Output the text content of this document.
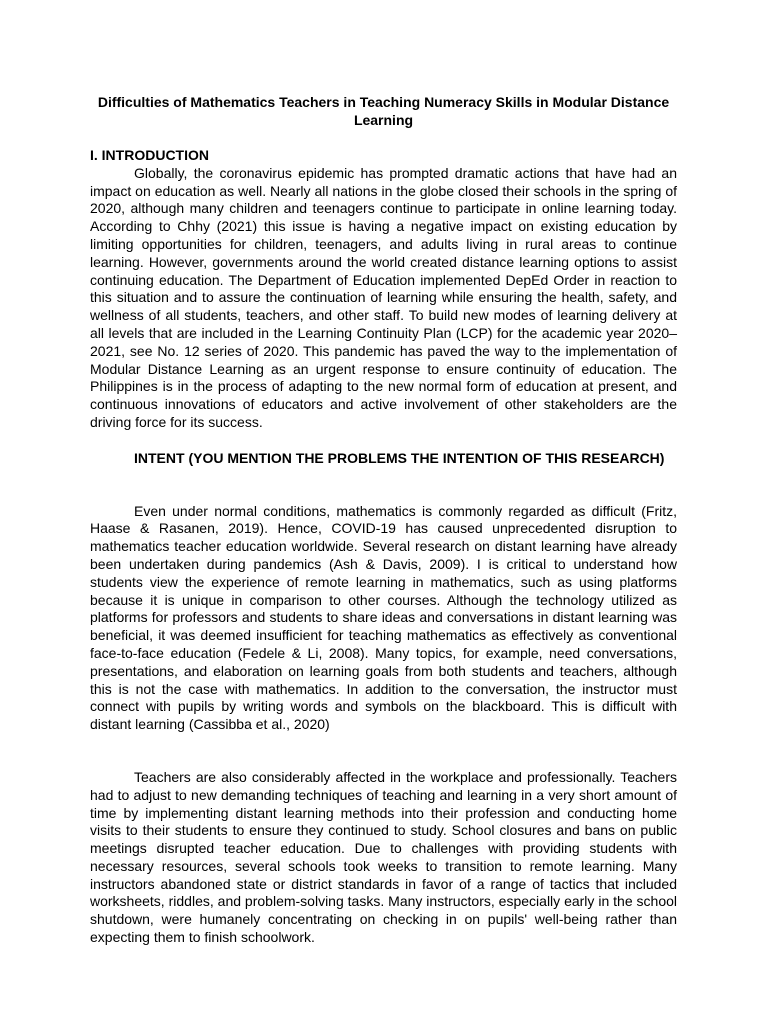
Difficulties of Mathematics Teachers in Teaching Numeracy Skills in Modular Distance Learning
I. INTRODUCTION

Globally, the coronavirus epidemic has prompted dramatic actions that have had an impact on education as well. Nearly all nations in the globe closed their schools in the spring of 2020, although many children and teenagers continue to participate in online learning today. According to Chhy (2021) this issue is having a negative impact on existing education by limiting opportunities for children, teenagers, and adults living in rural areas to continue learning. However, governments around the world created distance learning options to assist continuing education. The Department of Education implemented DepEd Order in reaction to this situation and to assure the continuation of learning while ensuring the health, safety, and wellness of all students, teachers, and other staff. To build new modes of learning delivery at all levels that are included in the Learning Continuity Plan (LCP) for the academic year 2020–2021, see No. 12 series of 2020. This pandemic has paved the way to the implementation of Modular Distance Learning as an urgent response to ensure continuity of education. The Philippines is in the process of adapting to the new normal form of education at present, and continuous innovations of educators and active involvement of other stakeholders are the driving force for its success.

INTENT (YOU MENTION THE PROBLEMS THE INTENTION OF THIS RESEARCH)

Even under normal conditions, mathematics is commonly regarded as difficult (Fritz, Haase & Rasanen, 2019). Hence, COVID-19 has caused unprecedented disruption to mathematics teacher education worldwide. Several research on distant learning have already been undertaken during pandemics (Ash & Davis, 2009). I is critical to understand how students view the experience of remote learning in mathematics, such as using platforms because it is unique in comparison to other courses. Although the technology utilized as platforms for professors and students to share ideas and conversations in distant learning was beneficial, it was deemed insufficient for teaching mathematics as effectively as conventional face-to-face education (Fedele & Li, 2008). Many topics, for example, need conversations, presentations, and elaboration on learning goals from both students and teachers, although this is not the case with mathematics. In addition to the conversation, the instructor must connect with pupils by writing words and symbols on the blackboard. This is difficult with distant learning (Cassibba et al., 2020)

Teachers are also considerably affected in the workplace and professionally. Teachers had to adjust to new demanding techniques of teaching and learning in a very short amount of time by implementing distant learning methods into their profession and conducting home visits to their students to ensure they continued to study. School closures and bans on public meetings disrupted teacher education. Due to challenges with providing students with necessary resources, several schools took weeks to transition to remote learning. Many instructors abandoned state or district standards in favor of a range of tactics that included worksheets, riddles, and problem-solving tasks. Many instructors, especially early in the school shutdown, were humanely concentrating on checking in on pupils' well-being rather than expecting them to finish schoolwork.
